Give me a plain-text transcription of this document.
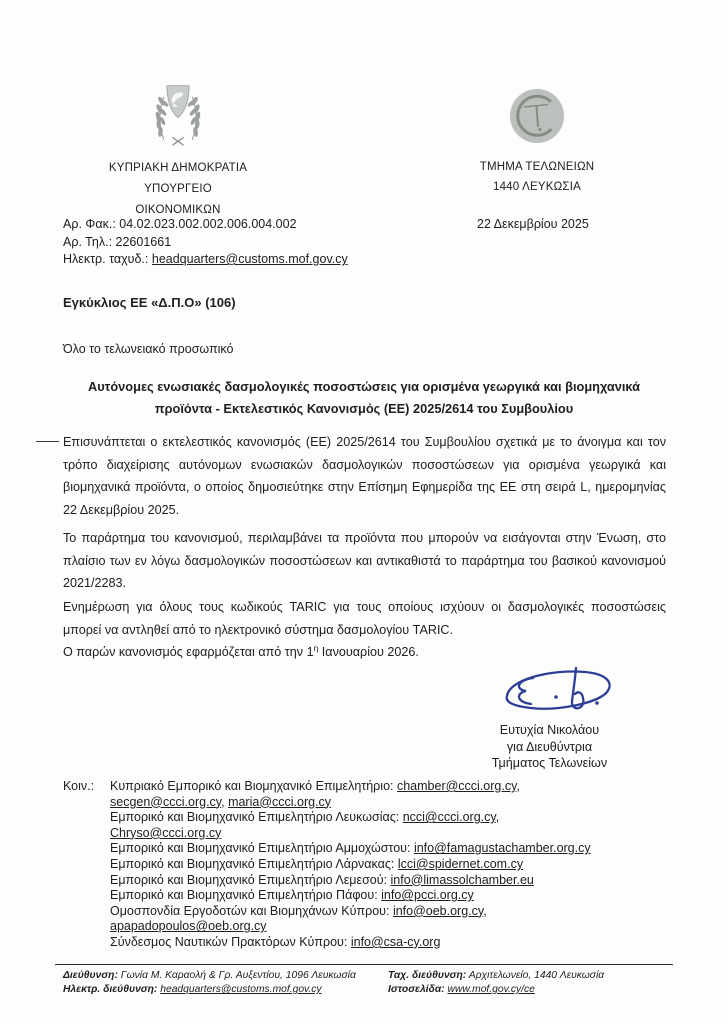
ΚΥΠΡΙΑΚΗ ΔΗΜΟΚΡΑΤΙΑ
ΥΠΟΥΡΓΕΙΟ ΟΙΚΟΝΟΜΙΚΩΝ
ΤΜΗΜΑ ΤΕΛΩΝΕΙΩΝ
1440 ΛΕΥΚΩΣΙΑ
Αρ. Φακ.: 04.02.023.002.002.006.004.002
Αρ. Τηλ.: 22601661
Ηλεκτρ. ταχυδ.: headquarters@customs.mof.gov.cy
22 Δεκεμβρίου 2025
Εγκύκλιος ΕΕ «Δ.Π.Ο» (106)
Όλο το τελωνειακό προσωπικό
Αυτόνομες ενωσιακές δασμολογικές ποσοστώσεις για ορισμένα γεωργικά και βιομηχανικά προϊόντα - Εκτελεστικός Κανονισμός (ΕΕ) 2025/2614 του Συμβουλίου
Επισυνάπτεται ο εκτελεστικός κανονισμός (ΕΕ) 2025/2614 του Συμβουλίου σχετικά με το άνοιγμα και τον τρόπο διαχείρισης αυτόνομων ενωσιακών δασμολογικών ποσοστώσεων για ορισμένα γεωργικά και βιομηχανικά προϊόντα, ο οποίος δημοσιεύτηκε στην Επίσημη Εφημερίδα της ΕΕ στη σειρά L, ημερομηνίας 22 Δεκεμβρίου 2025.
Το παράρτημα του κανονισμού, περιλαμβάνει τα προϊόντα που μπορούν να εισάγονται στην Ένωση, στο πλαίσιο των εν λόγω δασμολογικών ποσοστώσεων και αντικαθιστά το παράρτημα του βασικού κανονισμού 2021/2283.
Ενημέρωση για όλους τους κωδικούς TARIC για τους οποίους ισχύουν οι δασμολογικές ποσοστώσεις μπορεί να αντληθεί από το ηλεκτρονικό σύστημα δασμολογίου TARIC.
Ο παρών κανονισμός εφαρμόζεται από την $1^\eta$ Ιανουαρίου 2026.
Ευτυχία Νικολάου
για Διευθύντρια
Τμήματος Τελωνείων
Κοιν.:	Κυπριακό Εμπορικό και Βιομηχανικό Επιμελητήριο: chamber@ccci.org.cy,
secgen@ccci.org.cy, maria@ccci.org.cy
Εμπορικό και Βιομηχανικό Επιμελητήριο Λευκωσίας: ncci@ccci.org.cy,
Chryso@ccci.org.cy
Εμπορικό και Βιομηχανικό Επιμελητήριο Αμμοχώστου: info@famagustachamber.org.cy
Εμπορικό και Βιομηχανικό Επιμελητήριο Λάρνακας: lcci@spidernet.com.cy
Εμπορικό και Βιομηχανικό Επιμελητήριο Λεμεσού: info@limassolchamber.eu
Εμπορικό και Βιομηχανικό Επιμελητήριο Πάφου: info@pcci.org.cy
Ομοσπονδία Εργοδοτών και Βιομηχάνων Κύπρου: info@oeb.org.cy,
apapadopoulos@oeb.org.cy
Σύνδεσμος Ναυτικών Πρακτόρων Κύπρου: info@csa-cy.org
Διεύθυνση: Γωνία Μ. Καραολή & Γρ. Αυξεντίου, 1096 Λευκωσία
Ηλεκτρ. διεύθυνση: headquarters@customs.mof.gov.cy
Ταχ. διεύθυνση: Αρχιτελωνείο, 1440 Λευκωσία
Ιστοσελίδα: www.mof.gov.cy/ce
